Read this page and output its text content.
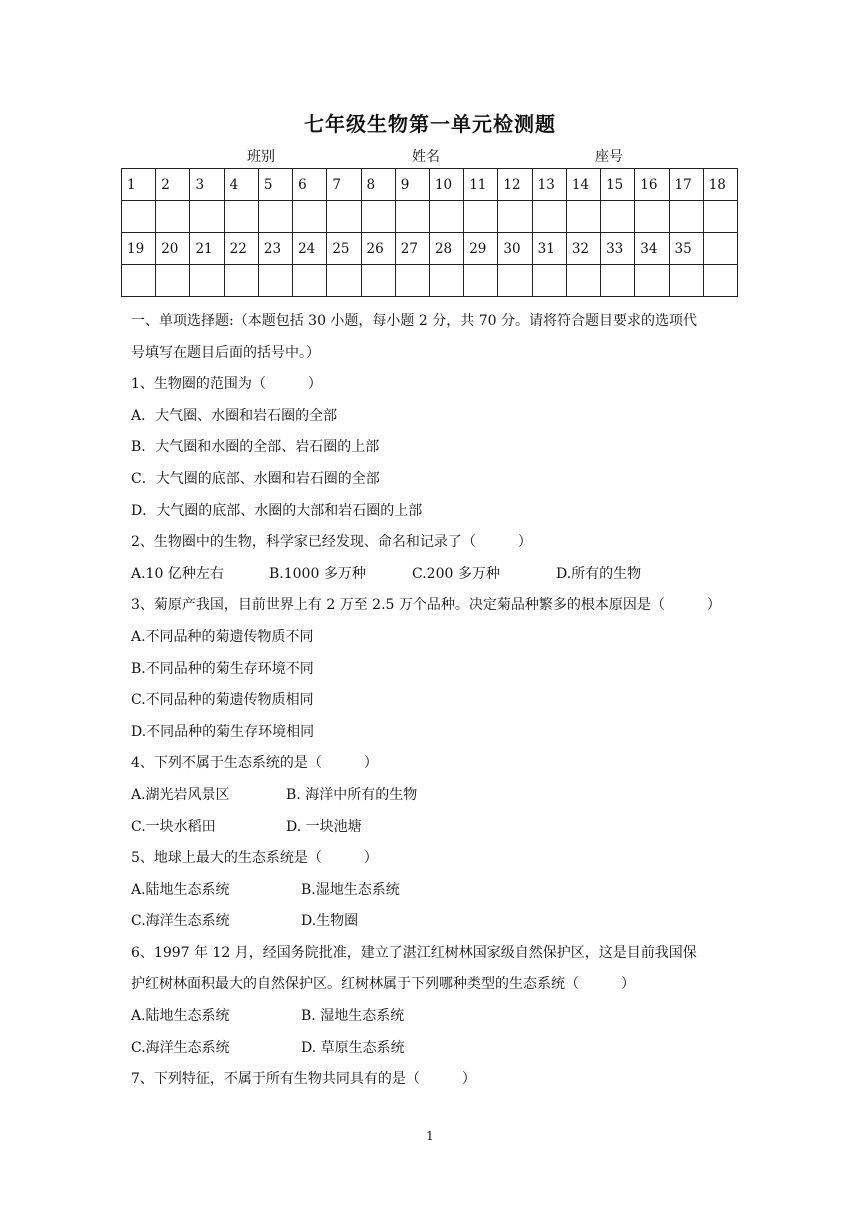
七年级生物第一单元检测题
班别	姓名	座号
1	2	3	4	5	6	7	8	9	10	11	12	13	14	15	16	17	18

19	20	21	22	23	24	25	26	27	28	29	30	31	32	33	34	35	

一、单项选择题:（本题包括 30 小题，每小题 2 分，共 70 分。请将符合题目要求的选项代
号填写在题目后面的括号中。）
1、生物圈的范围为（　　　）
A．大气圈、水圈和岩石圈的全部
B．大气圈和水圈的全部、岩石圈的上部
C．大气圈的底部、水圈和岩石圈的全部
D．大气圈的底部、水圈的大部和岩石圈的上部
2、生物圈中的生物，科学家已经发现、命名和记录了（　　　）
A.10 亿种左右	B.1000 多万种	C.200 多万种	D.所有的生物
3、菊原产我国，目前世界上有 2 万至 2.5 万个品种。决定菊品种繁多的根本原因是（　　　）
A.不同品种的菊遗传物质不同
B.不同品种的菊生存环境不同
C.不同品种的菊遗传物质相同
D.不同品种的菊生存环境相同
4、下列不属于生态系统的是（　　　）
A.湖光岩风景区	B. 海洋中所有的生物
C.一块水稻田	D. 一块池塘
5、地球上最大的生态系统是（　　　）
A.陆地生态系统	B.湿地生态系统
C.海洋生态系统	D.生物圈
6、1997 年 12 月，经国务院批准，建立了湛江红树林国家级自然保护区，这是目前我国保
护红树林面积最大的自然保护区。红树林属于下列哪种类型的生态系统（　　　）
A.陆地生态系统	B. 湿地生态系统
C.海洋生态系统	D. 草原生态系统
7、下列特征，不属于所有生物共同具有的是（　　　）
1
